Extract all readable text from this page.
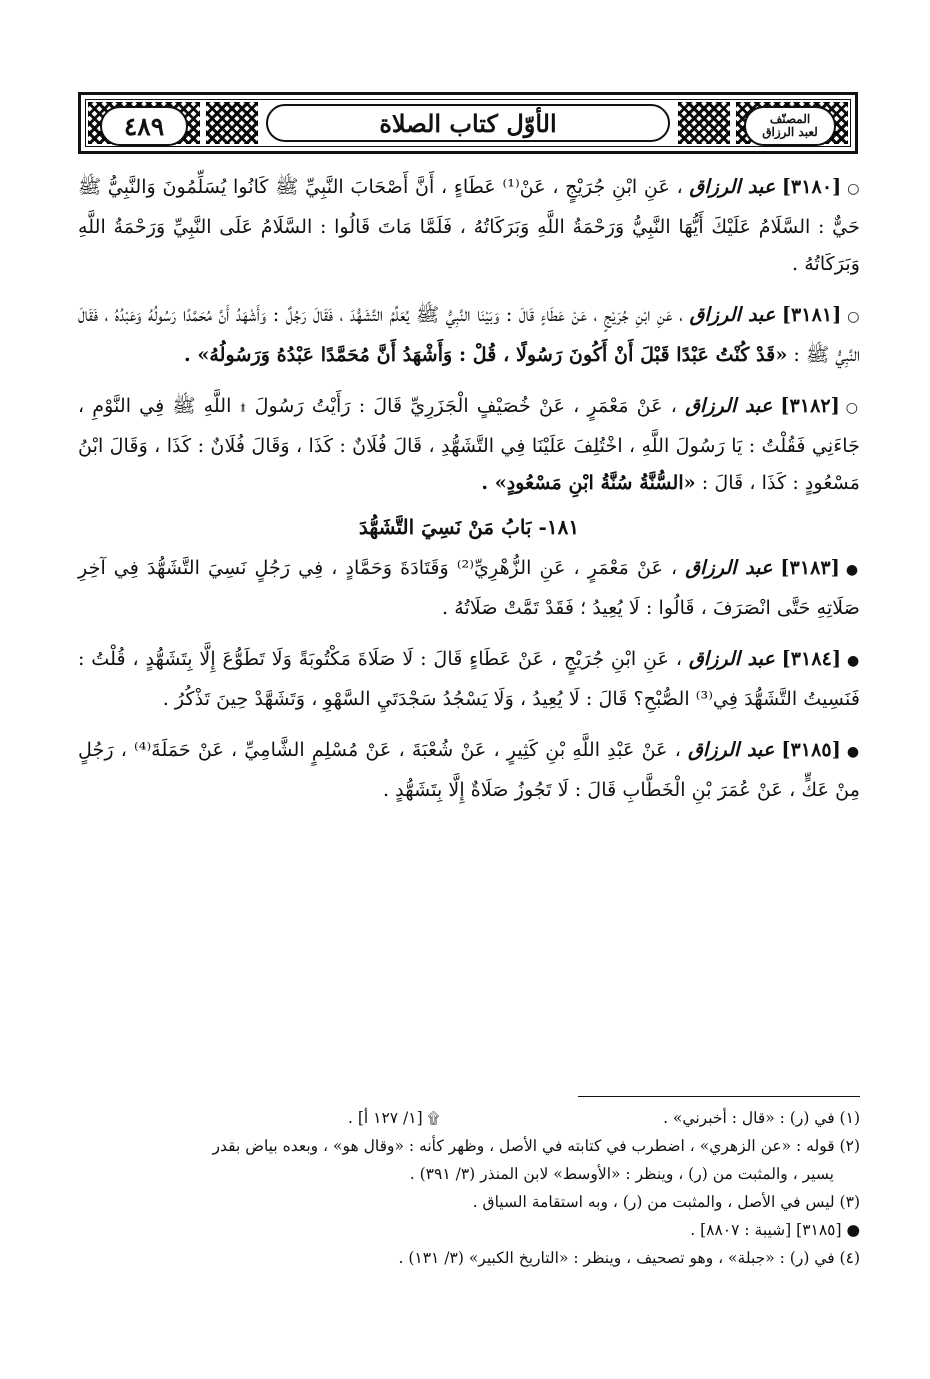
٤٨٩	المصنّف
لعبد الرزاق
الأوّل كتاب الصلاة

○[٣١٨٠] عبد الرزاق ، عَنِ ابْنِ جُرَيْجٍ ، عَنْ⁽¹⁾ عَطَاءٍ ، أَنَّ أَصْحَابَ النَّبِيِّ ﷺ كَانُوا يُسَلِّمُونَ وَالنَّبِيُّ ﷺ حَيٌّ : السَّلَامُ عَلَيْكَ أَيُّهَا النَّبِيُّ وَرَحْمَةُ اللَّهِ وَبَرَكَاتُهُ ، فَلَمَّا مَاتَ قَالُوا : السَّلَامُ عَلَى النَّبِيِّ وَرَحْمَةُ اللَّهِ وَبَرَكَاتُهُ .

○[٣١٨١] عبد الرزاق ، عَنِ ابْنِ جُرَيْجٍ ، عَنْ عَطَاءٍ قَالَ : وَبَيْنَا النَّبِيُّ ﷺ يُعَلِّمُ التَّشَهُّدَ ، فَقَالَ رَجُلٌ : وَأَشْهَدُ أَنَّ مُحَمَّدًا رَسُولُهُ وَعَبْدُهُ ، فَقَالَ النَّبِيُّ ﷺ : «قَدْ كُنْتُ عَبْدًا قَبْلَ أَنْ أَكُونَ رَسُولًا ، قُلْ : وَأَشْهَدُ أَنَّ مُحَمَّدًا عَبْدُهُ وَرَسُولُهُ» .

○[٣١٨٢] عبد الرزاق ، عَنْ مَعْمَرٍ ، عَنْ خُصَيْفٍ الْجَزَرِيِّ قَالَ : رَأَيْتُ رَسُولَ ۩ اللَّهِ ﷺ فِي النَّوْمِ ، جَاءَنِي فَقُلْتُ : يَا رَسُولَ اللَّهِ ، اخْتُلِفَ عَلَيْنَا فِي التَّشَهُّدِ ، قَالَ فُلَانٌ : كَذَا ، وَقَالَ فُلَانٌ : كَذَا ، وَقَالَ ابْنُ مَسْعُودٍ : كَذَا ، قَالَ : «السُّنَّةُ سُنَّةُ ابْنِ مَسْعُودٍ» .

١٨١- بَابُ مَنْ نَسِيَ التَّشَهُّدَ

●[٣١٨٣] عبد الرزاق ، عَنْ مَعْمَرٍ ، عَنِ الزُّهْرِيِّ⁽²⁾ وَقَتَادَةَ وَحَمَّادٍ ، فِي رَجُلٍ نَسِيَ التَّشَهُّدَ فِي آخِرِ صَلَاتِهِ حَتَّى انْصَرَفَ ، قَالُوا : لَا يُعِيدُ ؛ فَقَدْ تَمَّتْ صَلَاتُهُ .

●[٣١٨٤] عبد الرزاق ، عَنِ ابْنِ جُرَيْجٍ ، عَنْ عَطَاءٍ قَالَ : لَا صَلَاةَ مَكْتُوبَةً وَلَا تَطَوُّعَ إِلَّا بِتَشَهُّدٍ ، قُلْتُ : فَنَسِيتُ التَّشَهُّدَ فِي⁽³⁾ الصُّبْحِ؟ قَالَ : لَا يُعِيدُ ، وَلَا يَسْجُدُ سَجْدَتَيِ السَّهْوِ ، وَتَشَهَّدْ حِينَ تَذْكُرُ .

●[٣١٨٥] عبد الرزاق ، عَنْ عَبْدِ اللَّهِ بْنِ كَثِيرٍ ، عَنْ شُعْبَةَ ، عَنْ مُسْلِمٍ الشَّامِيِّ ، عَنْ حَمَلَةَ⁽⁴⁾ ، رَجُلٍ مِنْ عَكٍّ ، عَنْ عُمَرَ بْنِ الْخَطَّابِ قَالَ : لَا تَجُوزُ صَلَاةٌ إِلَّا بِتَشَهُّدٍ .

(١) في (ر) : «قال : أخبرني» .
۩ [١/ ١٢٧ أ] .

(٢) قوله : «عن الزهري» ، اضطرب في كتابته في الأصل ، وظهر كأنه : «وقال هو» ، وبعده بياض بقدر

يسير ، والمثبت من (ر) ، وينظر : «الأوسط» لابن المنذر (٣/ ٣٩١) .

(٣) ليس في الأصل ، والمثبت من (ر) ، وبه استقامة السياق .

● [٣١٨٥] [شيبة : ٨٨٠٧] .

(٤) في (ر) : «جبلة» ، وهو تصحيف ، وينظر : «التاريخ الكبير» (٣/ ١٣١) .
